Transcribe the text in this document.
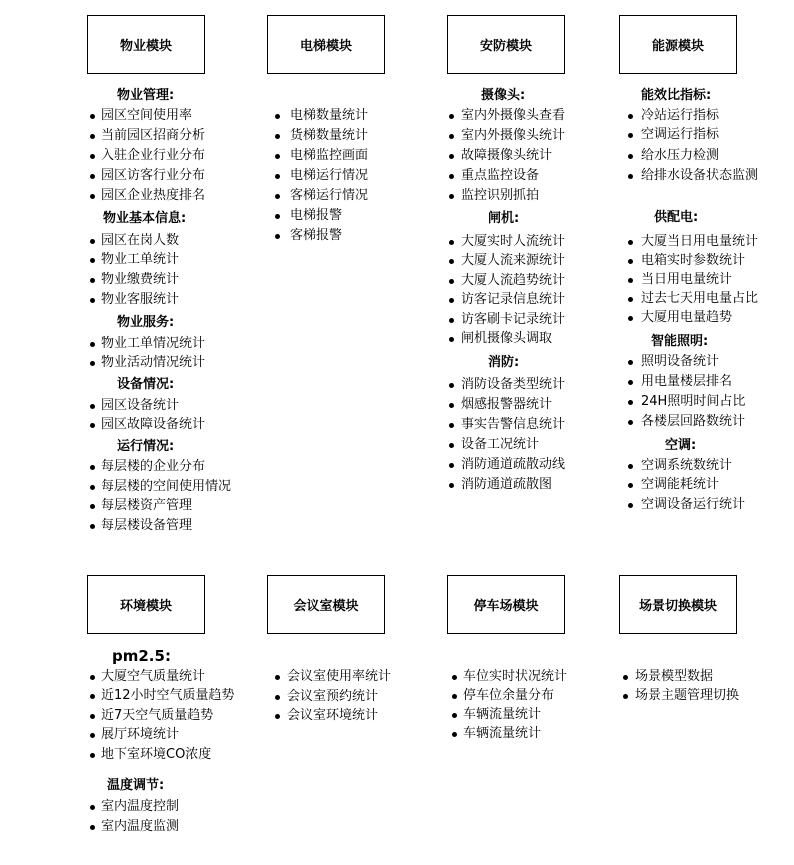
物业模块
物业管理:
园区空间使用率
当前园区招商分析
入驻企业行业分布
园区访客行业分布
园区企业热度排名
物业基本信息:
园区在岗人数
物业工单统计
物业缴费统计
物业客服统计
物业服务:
物业工单情况统计
物业活动情况统计
设备情况:
园区设备统计
园区故障设备统计
运行情况:
每层楼的企业分布
每层楼的空间使用情况
每层楼资产管理
每层楼设备管理
电梯模块
电梯数量统计
货梯数量统计
电梯监控画面
电梯运行情况
客梯运行情况
电梯报警
客梯报警
安防模块
摄像头:
室内外摄像头查看
室内外摄像头统计
故障摄像头统计
重点监控设备
监控识别抓拍
闸机:
大厦实时人流统计
大厦人流来源统计
大厦人流趋势统计
访客记录信息统计
访客刷卡记录统计
闸机摄像头调取
消防:
消防设备类型统计
烟感报警器统计
事实告警信息统计
设备工况统计
消防通道疏散动线
消防通道疏散图
能源模块
能效比指标:
冷站运行指标
空调运行指标
给水压力检测
给排水设备状态监测
供配电:
大厦当日用电量统计
电箱实时参数统计
当日用电量统计
过去七天用电量占比
大厦用电量趋势
智能照明:
照明设备统计
用电量楼层排名
24H照明时间占比
各楼层回路数统计
空调:
空调系统数统计
空调能耗统计
空调设备运行统计
环境模块
pm2.5:
大厦空气质量统计
近12小时空气质量趋势
近7天空气质量趋势
展厅环境统计
地下室环境CO浓度
温度调节:
室内温度控制
室内温度监测
会议室模块
会议室使用率统计
会议室预约统计
会议室环境统计
停车场模块
车位实时状况统计
停车位余量分布
车辆流量统计
车辆流量统计
场景切换模块
场景模型数据
场景主题管理切换
